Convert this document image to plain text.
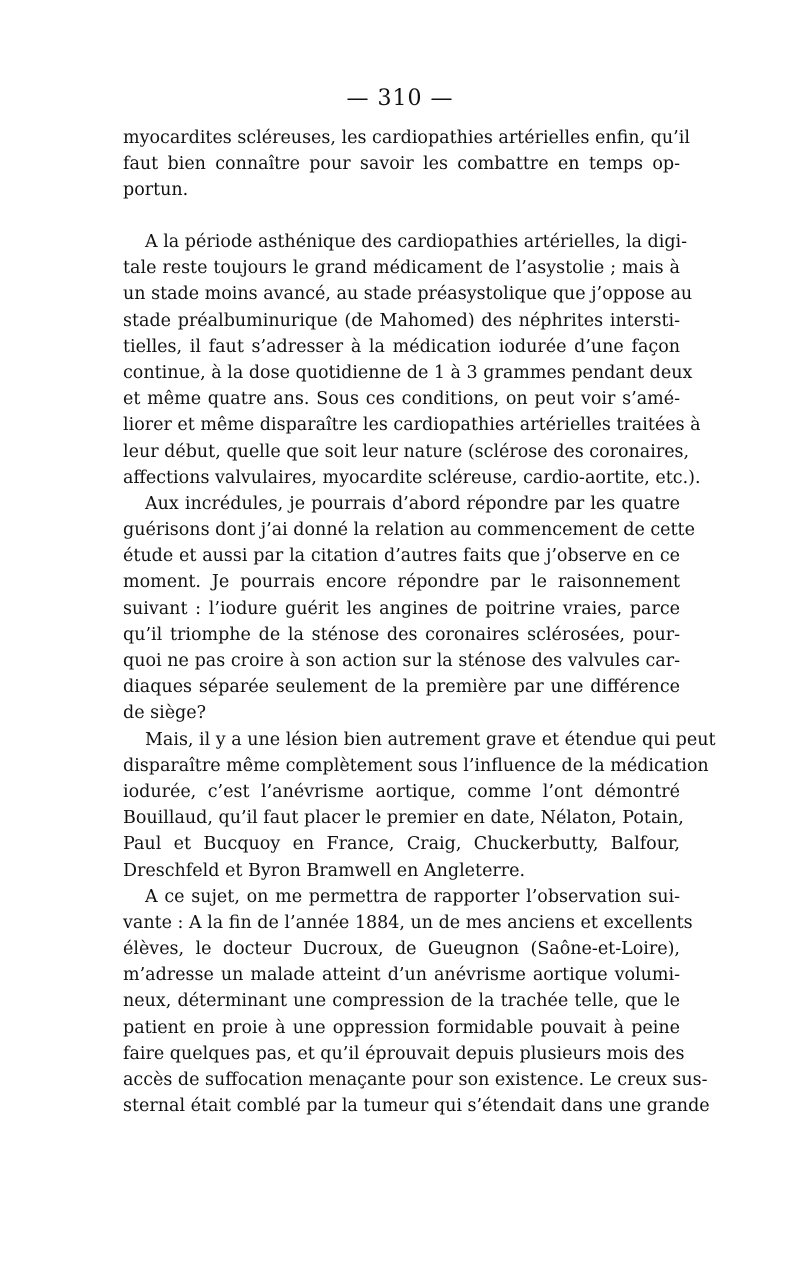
— 310 —
myocardites scléreuses, les cardiopathies artérielles enfin, qu’il
faut bien connaître pour savoir les combattre en temps op-
portun.
A la période asthénique des cardiopathies artérielles, la digi-
tale reste toujours le grand médicament de l’asystolie ; mais à
un stade moins avancé, au stade préasystolique que j’oppose au
stade préalbuminurique (de Mahomed) des néphrites intersti-
tielles, il faut s’adresser à la médication iodurée d’une façon
continue, à la dose quotidienne de 1 à 3 grammes pendant deux
et même quatre ans. Sous ces conditions, on peut voir s’amé-
liorer et même disparaître les cardiopathies artérielles traitées à
leur début, quelle que soit leur nature (sclérose des coronaires,
affections valvulaires, myocardite scléreuse, cardio-aortite, etc.).
Aux incrédules, je pourrais d’abord répondre par les quatre
guérisons dont j’ai donné la relation au commencement de cette
étude et aussi par la citation d’autres faits que j’observe en ce
moment. Je pourrais encore répondre par le raisonnement
suivant : l’iodure guérit les angines de poitrine vraies, parce
qu’il triomphe de la sténose des coronaires sclérosées, pour-
quoi ne pas croire à son action sur la sténose des valvules car-
diaques séparée seulement de la première par une différence
de siège?
Mais, il y a une lésion bien autrement grave et étendue qui peut
disparaître même complètement sous l’influence de la médication
iodurée, c’est l’anévrisme aortique, comme l’ont démontré
Bouillaud, qu’il faut placer le premier en date, Nélaton, Potain,
Paul et Bucquoy en France, Craig, Chuckerbutty, Balfour,
Dreschfeld et Byron Bramwell en Angleterre.
A ce sujet, on me permettra de rapporter l’observation sui-
vante : A la fin de l’année 1884, un de mes anciens et excellents
élèves, le docteur Ducroux, de Gueugnon (Saône-et-Loire),
m’adresse un malade atteint d’un anévrisme aortique volumi-
neux, déterminant une compression de la trachée telle, que le
patient en proie à une oppression formidable pouvait à peine
faire quelques pas, et qu’il éprouvait depuis plusieurs mois des
accès de suffocation menaçante pour son existence. Le creux sus-
sternal était comblé par la tumeur qui s’étendait dans une grande
